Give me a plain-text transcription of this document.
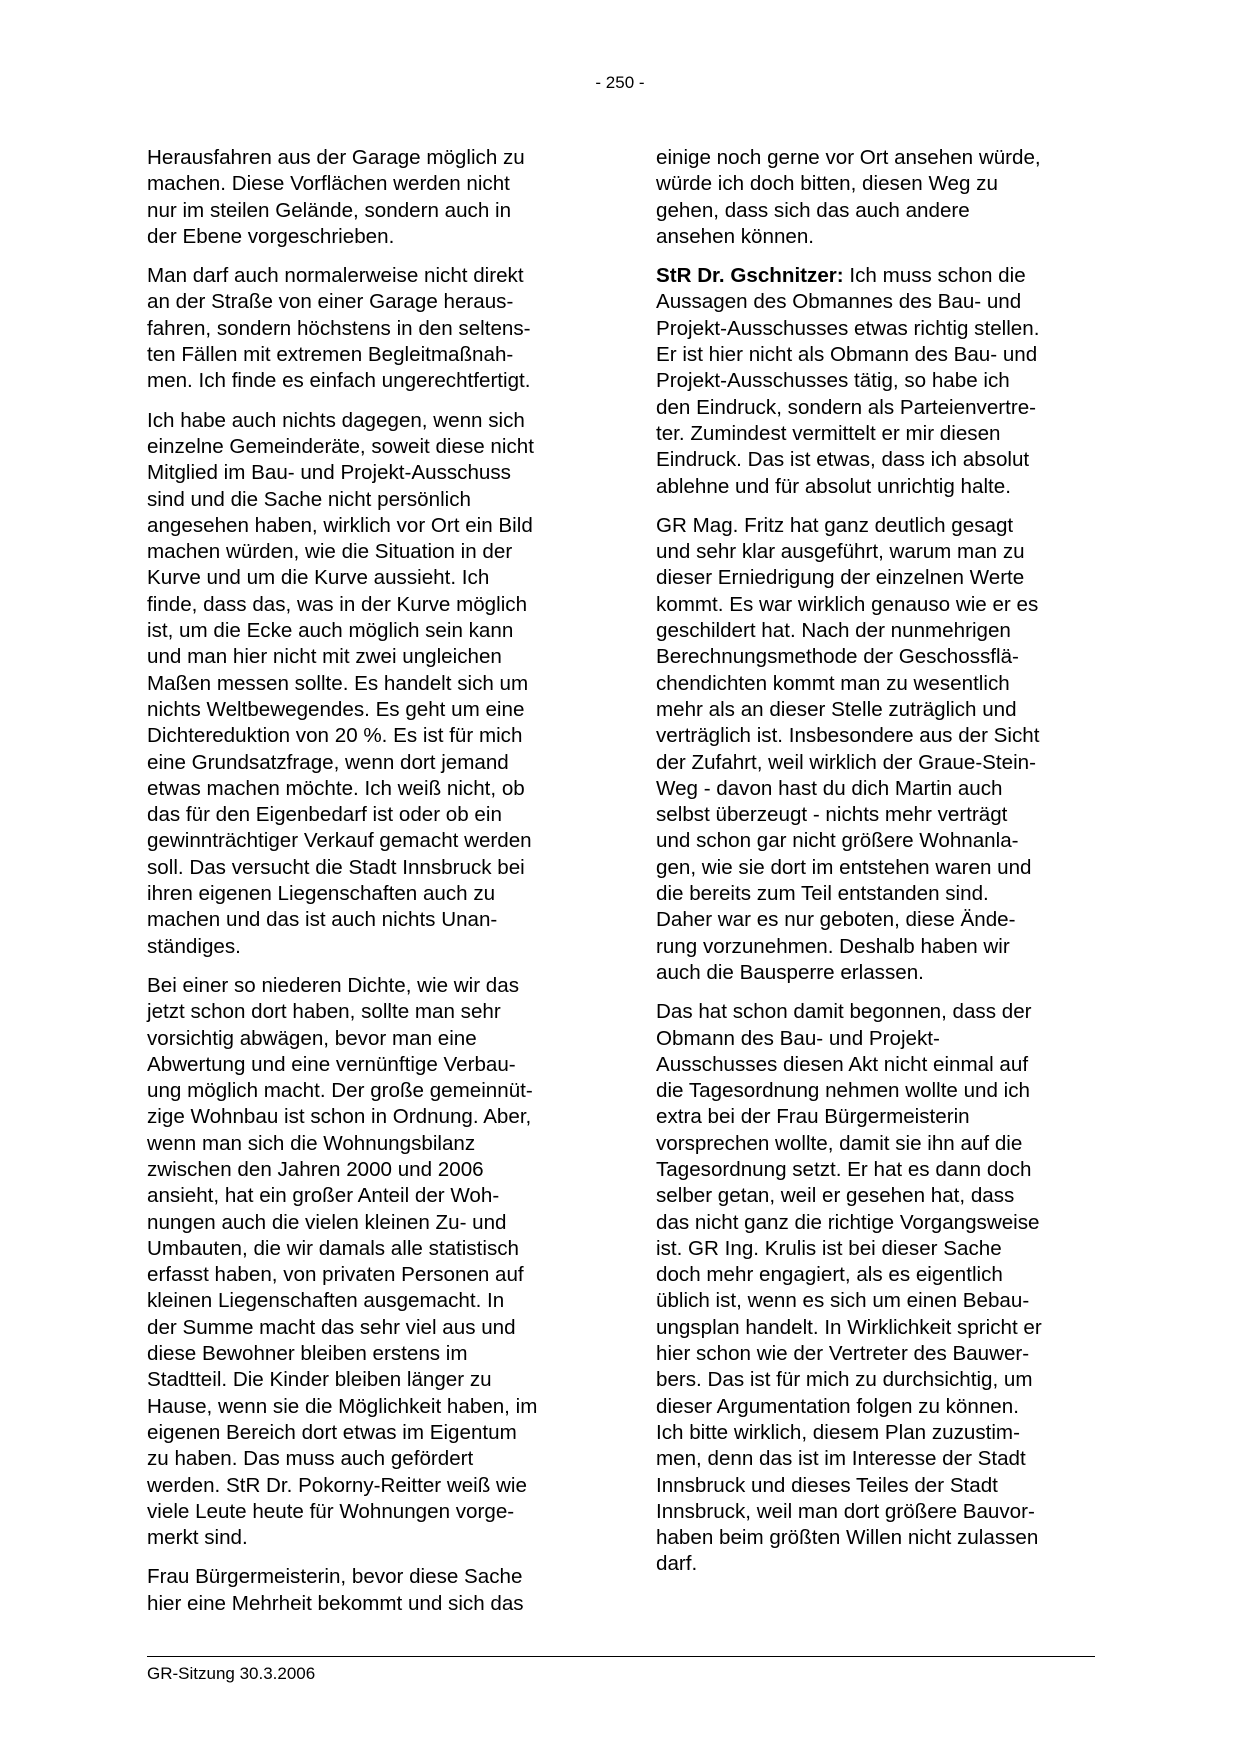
- 250 -

Herausfahren aus der Garage möglich zu
machen. Diese Vorflächen werden nicht
nur im steilen Gelände, sondern auch in
der Ebene vorgeschrieben.

Man darf auch normalerweise nicht direkt
an der Straße von einer Garage heraus-
fahren, sondern höchstens in den seltens-
ten Fällen mit extremen Begleitmaßnah-
men. Ich finde es einfach ungerechtfertigt.

Ich habe auch nichts dagegen, wenn sich
einzelne Gemeinderäte, soweit diese nicht
Mitglied im Bau- und Projekt-Ausschuss
sind und die Sache nicht persönlich
angesehen haben, wirklich vor Ort ein Bild
machen würden, wie die Situation in der
Kurve und um die Kurve aussieht. Ich
finde, dass das, was in der Kurve möglich
ist, um die Ecke auch möglich sein kann
und man hier nicht mit zwei ungleichen
Maßen messen sollte. Es handelt sich um
nichts Weltbewegendes. Es geht um eine
Dichtereduktion von 20 %. Es ist für mich
eine Grundsatzfrage, wenn dort jemand
etwas machen möchte. Ich weiß nicht, ob
das für den Eigenbedarf ist oder ob ein
gewinnträchtiger Verkauf gemacht werden
soll. Das versucht die Stadt Innsbruck bei
ihren eigenen Liegenschaften auch zu
machen und das ist auch nichts Unan-
ständiges.

Bei einer so niederen Dichte, wie wir das
jetzt schon dort haben, sollte man sehr
vorsichtig abwägen, bevor man eine
Abwertung und eine vernünftige Verbau-
ung möglich macht. Der große gemeinnüt-
zige Wohnbau ist schon in Ordnung. Aber,
wenn man sich die Wohnungsbilanz
zwischen den Jahren 2000 und 2006
ansieht, hat ein großer Anteil der Woh-
nungen auch die vielen kleinen Zu- und
Umbauten, die wir damals alle statistisch
erfasst haben, von privaten Personen auf
kleinen Liegenschaften ausgemacht. In
der Summe macht das sehr viel aus und
diese Bewohner bleiben erstens im
Stadtteil. Die Kinder bleiben länger zu
Hause, wenn sie die Möglichkeit haben, im
eigenen Bereich dort etwas im Eigentum
zu haben. Das muss auch gefördert
werden. StR Dr. Pokorny-Reitter weiß wie
viele Leute heute für Wohnungen vorge-
merkt sind.

Frau Bürgermeisterin, bevor diese Sache
hier eine Mehrheit bekommt und sich das

einige noch gerne vor Ort ansehen würde,
würde ich doch bitten, diesen Weg zu
gehen, dass sich das auch andere
ansehen können.

StR Dr. Gschnitzer: Ich muss schon die
Aussagen des Obmannes des Bau- und
Projekt-Ausschusses etwas richtig stellen.
Er ist hier nicht als Obmann des Bau- und
Projekt-Ausschusses tätig, so habe ich
den Eindruck, sondern als Parteienvertre-
ter. Zumindest vermittelt er mir diesen
Eindruck. Das ist etwas, dass ich absolut
ablehne und für absolut unrichtig halte.

GR Mag. Fritz hat ganz deutlich gesagt
und sehr klar ausgeführt, warum man zu
dieser Erniedrigung der einzelnen Werte
kommt. Es war wirklich genauso wie er es
geschildert hat. Nach der nunmehrigen
Berechnungsmethode der Geschossflä-
chendichten kommt man zu wesentlich
mehr als an dieser Stelle zuträglich und
verträglich ist. Insbesondere aus der Sicht
der Zufahrt, weil wirklich der Graue-Stein-
Weg - davon hast du dich Martin auch
selbst überzeugt - nichts mehr verträgt
und schon gar nicht größere Wohnanla-
gen, wie sie dort im entstehen waren und
die bereits zum Teil entstanden sind.
Daher war es nur geboten, diese Ände-
rung vorzunehmen. Deshalb haben wir
auch die Bausperre erlassen.

Das hat schon damit begonnen, dass der
Obmann des Bau- und Projekt-
Ausschusses diesen Akt nicht einmal auf
die Tagesordnung nehmen wollte und ich
extra bei der Frau Bürgermeisterin
vorsprechen wollte, damit sie ihn auf die
Tagesordnung setzt. Er hat es dann doch
selber getan, weil er gesehen hat, dass
das nicht ganz die richtige Vorgangsweise
ist. GR Ing. Krulis ist bei dieser Sache
doch mehr engagiert, als es eigentlich
üblich ist, wenn es sich um einen Bebau-
ungsplan handelt. In Wirklichkeit spricht er
hier schon wie der Vertreter des Bauwer-
bers. Das ist für mich zu durchsichtig, um
dieser Argumentation folgen zu können.
Ich bitte wirklich, diesem Plan zuzustim-
men, denn das ist im Interesse der Stadt
Innsbruck und dieses Teiles der Stadt
Innsbruck, weil man dort größere Bauvor-
haben beim größten Willen nicht zulassen
darf.

GR-Sitzung 30.3.2006
